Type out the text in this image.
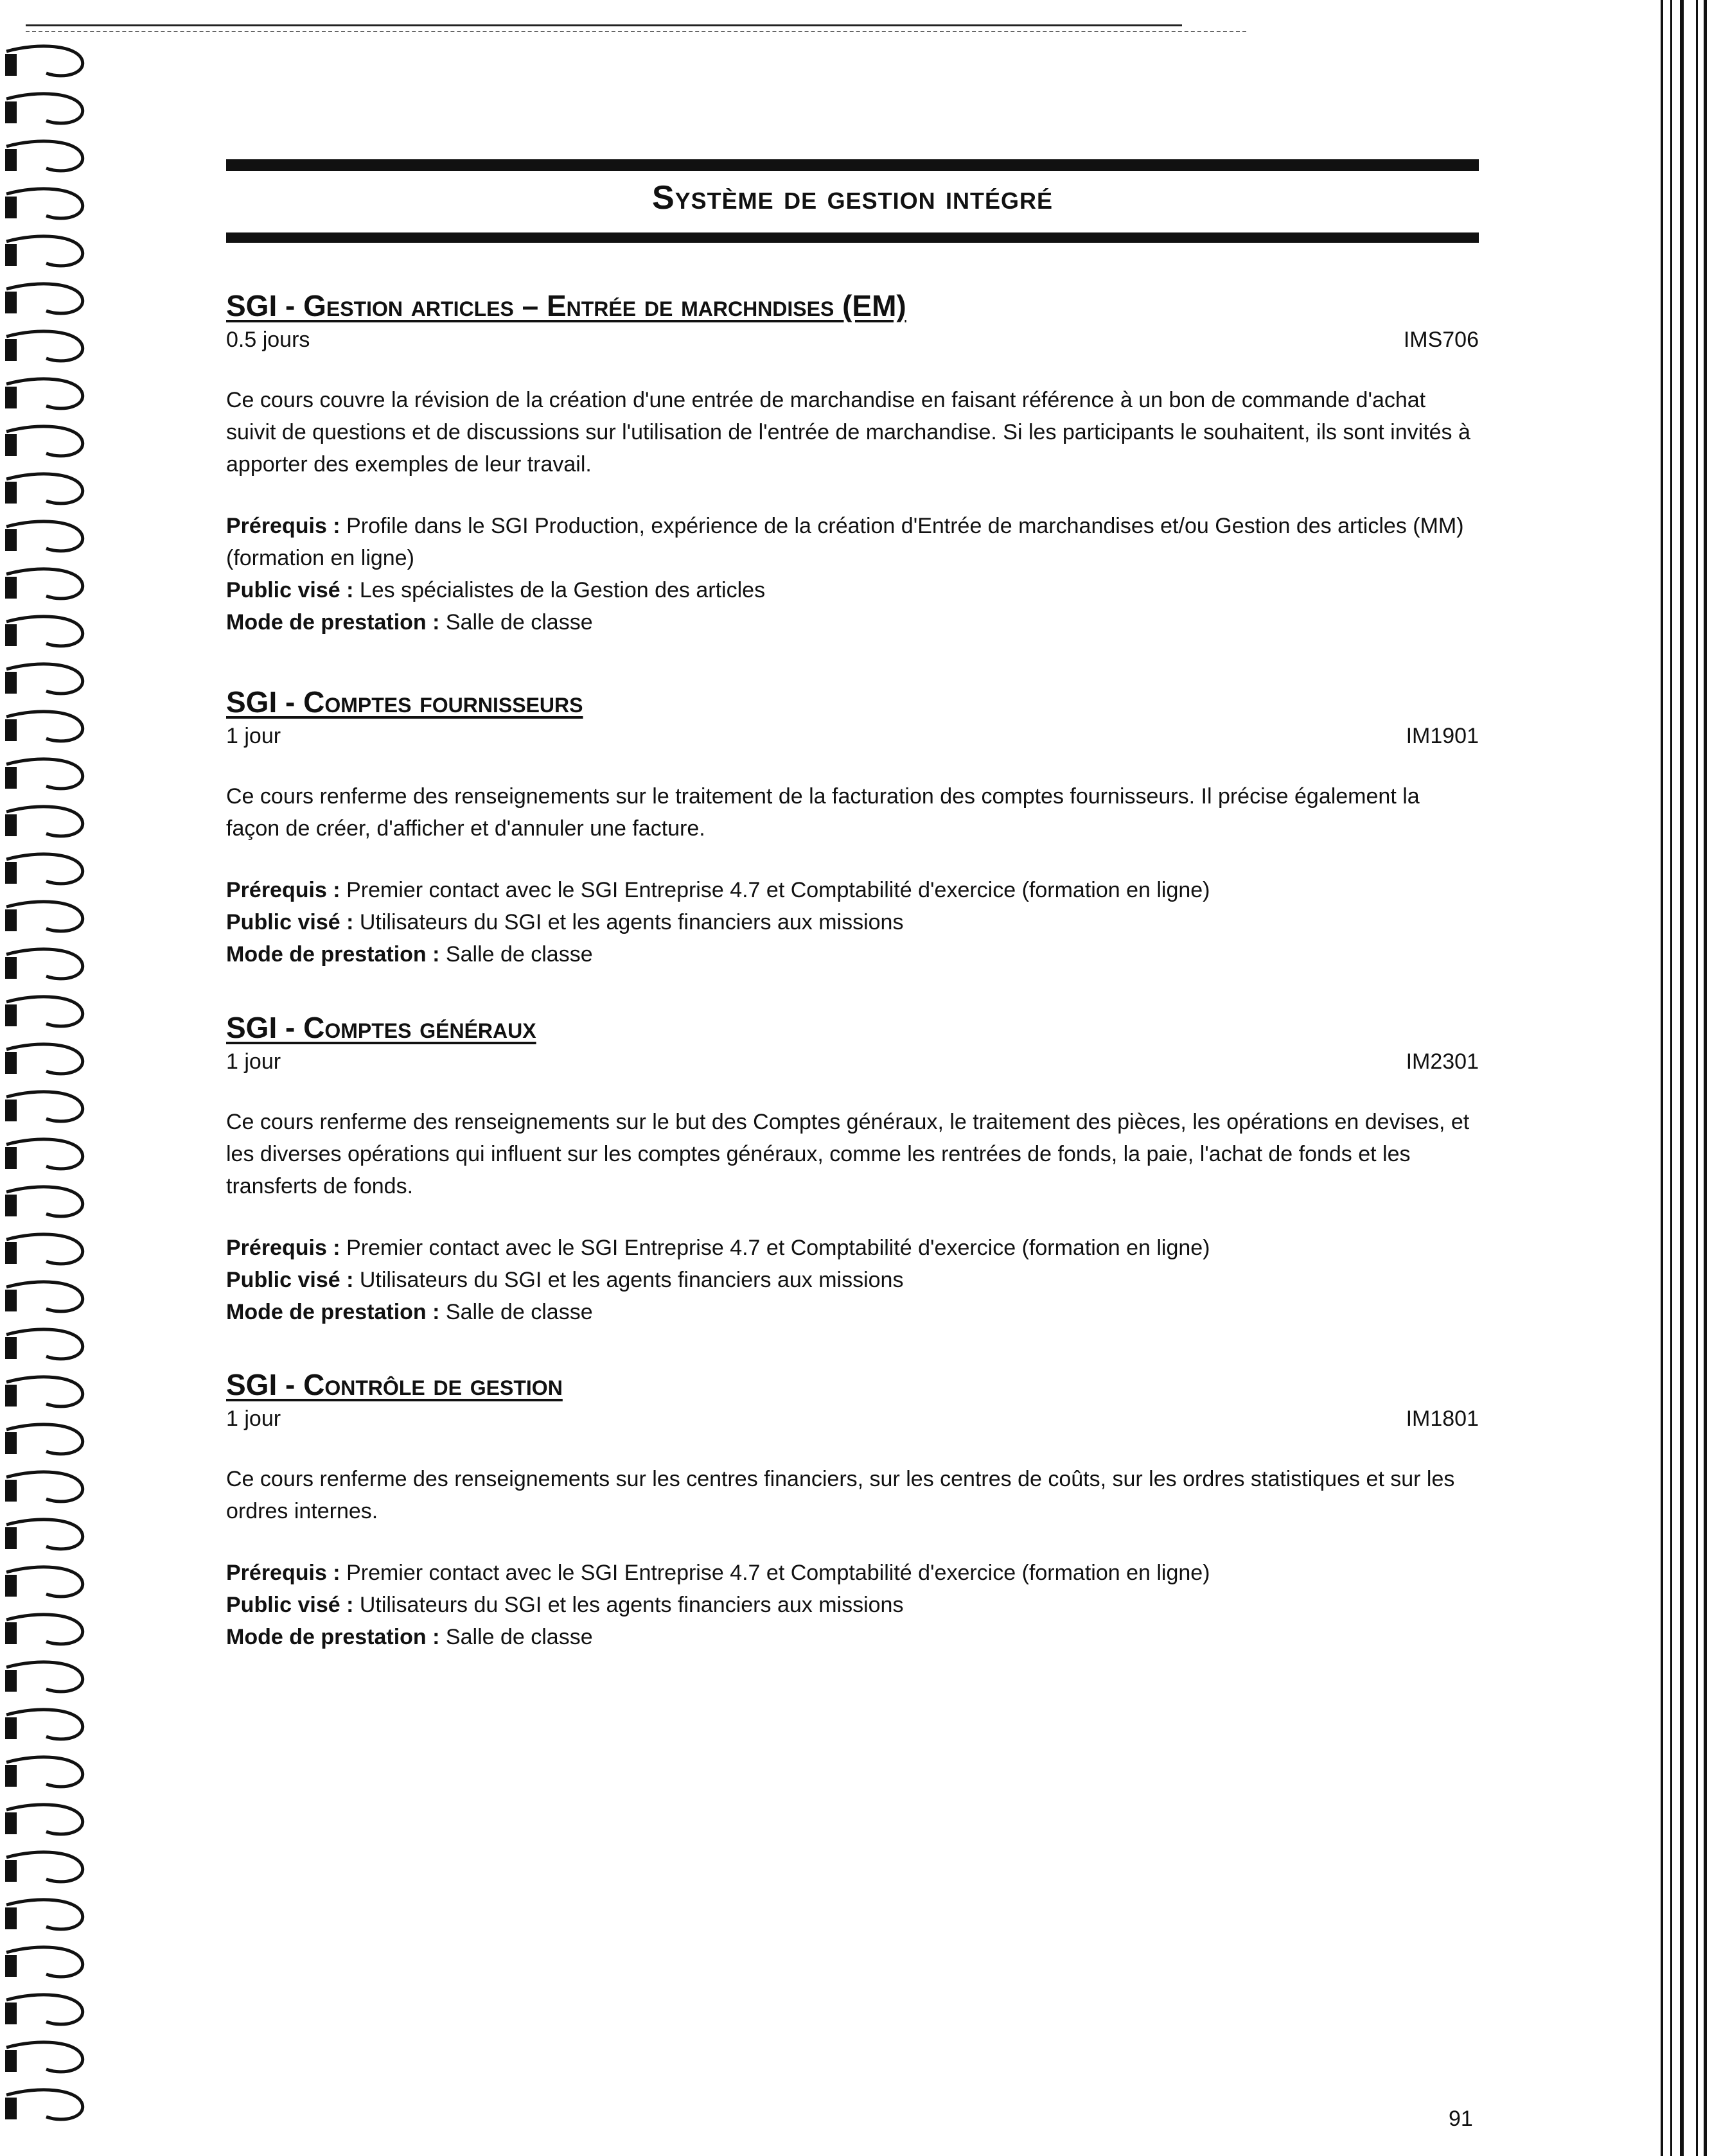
Système de gestion intégré
SGI - Gestion articles – Entrée de marchndises (EM)
0.5 jours	IMS706
Ce cours couvre la révision de la création d'une entrée de marchandise en faisant référence à un bon de commande d'achat suivit de questions et de discussions sur l'utilisation de l'entrée de marchandise. Si les participants le souhaitent, ils sont invités à apporter des exemples de leur travail.
Prérequis : Profile dans le SGI Production, expérience de la création d'Entrée de marchandises et/ou Gestion des articles (MM) (formation en ligne)
Public visé : Les spécialistes de la Gestion des articles
Mode de prestation : Salle de classe
SGI - Comptes fournisseurs
1 jour	IM1901
Ce cours renferme des renseignements sur le traitement de la facturation des comptes fournisseurs. Il précise également la façon de créer, d'afficher et d'annuler une facture.
Prérequis : Premier contact avec le SGI Entreprise 4.7 et Comptabilité d'exercice (formation en ligne)
Public visé : Utilisateurs du SGI et les agents financiers aux missions
Mode de prestation : Salle de classe
SGI - Comptes généraux
1 jour	IM2301
Ce cours renferme des renseignements sur le but des Comptes généraux, le traitement des pièces, les opérations en devises, et les diverses opérations qui influent sur les comptes généraux, comme les rentrées de fonds, la paie, l'achat de fonds et les transferts de fonds.
Prérequis : Premier contact avec le SGI Entreprise 4.7 et Comptabilité d'exercice (formation en ligne)
Public visé : Utilisateurs du SGI et les agents financiers aux missions
Mode de prestation : Salle de classe
SGI - Contrôle de gestion
1 jour	IM1801
Ce cours renferme des renseignements sur les centres financiers, sur les centres de coûts, sur les ordres statistiques et sur les ordres internes.
Prérequis : Premier contact avec le SGI Entreprise 4.7 et Comptabilité d'exercice (formation en ligne)
Public visé : Utilisateurs du SGI et les agents financiers aux missions
Mode de prestation : Salle de classe
91
